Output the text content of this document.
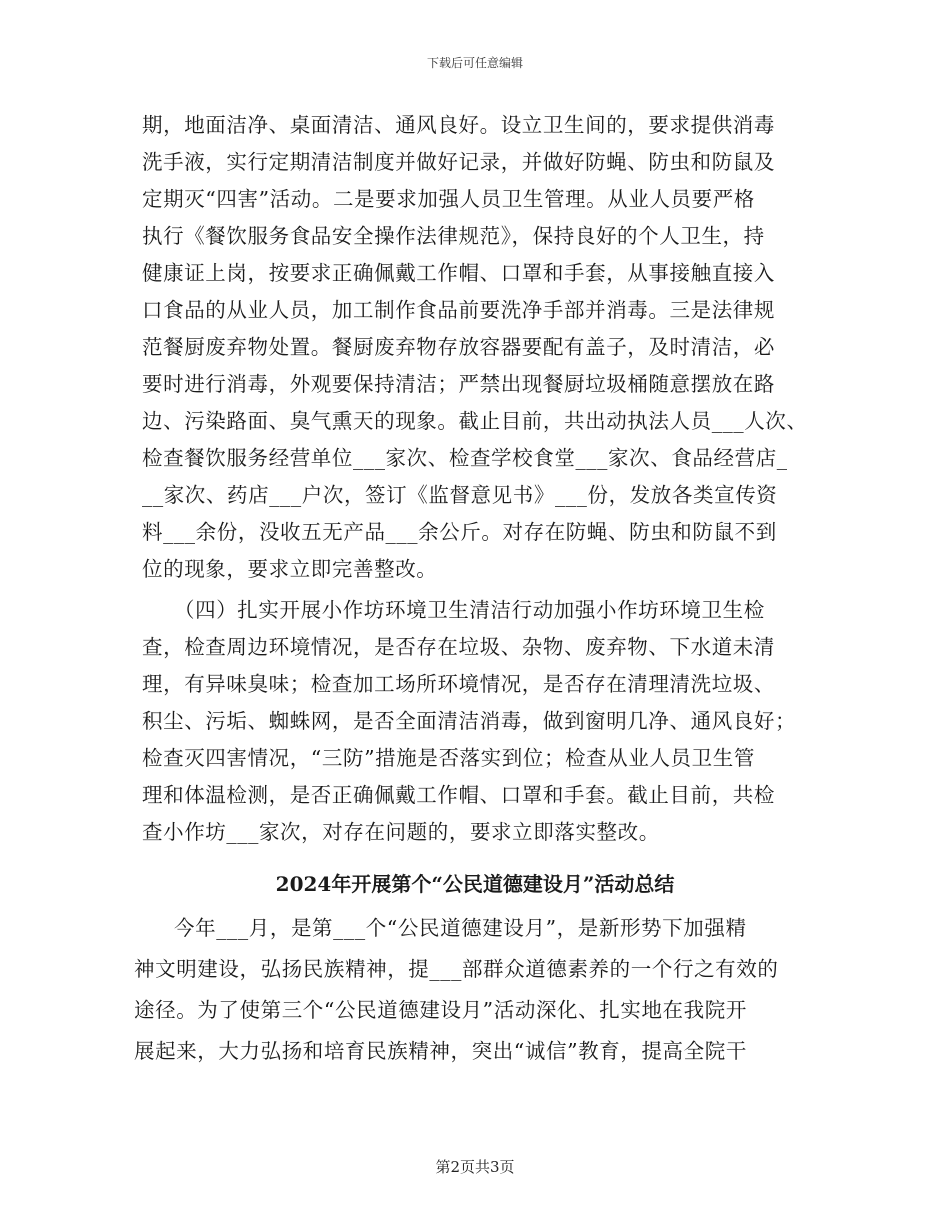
下载后可任意编辑
期，地面洁净、桌面清洁、通风良好。设立卫生间的，要求提供消毒
洗手液，实行定期清洁制度并做好记录，并做好防蝇、防虫和防鼠及
定期灭“四害”活动。二是要求加强人员卫生管理。从业人员要严格
执行《餐饮服务食品安全操作法律规范》，保持良好的个人卫生，持
健康证上岗，按要求正确佩戴工作帽、口罩和手套，从事接触直接入
口食品的从业人员，加工制作食品前要洗净手部并消毒。三是法律规
范餐厨废弃物处置。餐厨废弃物存放容器要配有盖子，及时清洁，必
要时进行消毒，外观要保持清洁；严禁出现餐厨垃圾桶随意摆放在路
边、污染路面、臭气熏天的现象。截止目前，共出动执法人员___人次、
检查餐饮服务经营单位___家次、检查学校食堂___家次、食品经营店_
__家次、药店___户次，签订《监督意见书》___份，发放各类宣传资
料___余份，没收五无产品___余公斤。对存在防蝇、防虫和防鼠不到
位的现象，要求立即完善整改。
（四）扎实开展小作坊环境卫生清洁行动加强小作坊环境卫生检
查，检查周边环境情况，是否存在垃圾、杂物、废弃物、下水道未清
理，有异味臭味；检查加工场所环境情况，是否存在清理清洗垃圾、
积尘、污垢、蜘蛛网，是否全面清洁消毒，做到窗明几净、通风良好；
检查灭四害情况，“三防”措施是否落实到位；检查从业人员卫生管
理和体温检测，是否正确佩戴工作帽、口罩和手套。截止目前，共检
查小作坊___家次，对存在问题的，要求立即落实整改。
2024年开展第个“公民道德建设月”活动总结
今年___月，是第___个“公民道德建设月”，是新形势下加强精
神文明建设，弘扬民族精神，提___部群众道德素养的一个行之有效的
途径。为了使第三个“公民道德建设月”活动深化、扎实地在我院开
展起来，大力弘扬和培育民族精神，突出“诚信”教育，提高全院干
第2页共3页
